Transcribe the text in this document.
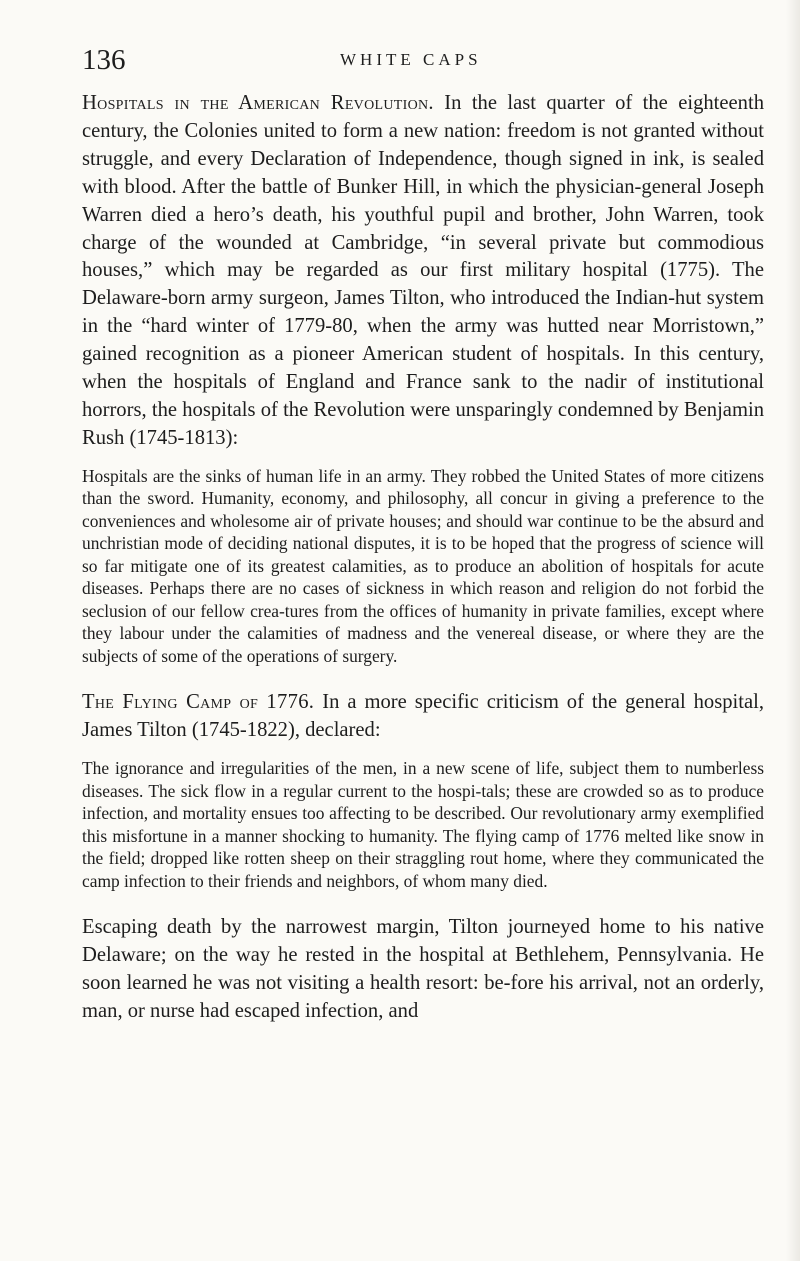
136	WHITE CAPS

Hospitals in the American Revolution. In the last quarter of the eighteenth century, the Colonies united to form a new nation: freedom is not granted without struggle, and every Declaration of Independence, though signed in ink, is sealed with blood. After the battle of Bunker Hill, in which the physician-general Joseph Warren died a hero’s death, his youthful pupil and brother, John Warren, took charge of the wounded at Cambridge, “in several private but commodious houses,” which may be regarded as our first military hospital (1775). The Delaware-born army surgeon, James Tilton, who introduced the Indian-hut system in the “hard winter of 1779-80, when the army was hutted near Morristown,” gained recognition as a pioneer American student of hospitals. In this century, when the hospitals of England and France sank to the nadir of institutional horrors, the hospitals of the Revolution were unsparingly condemned by Benjamin Rush (1745-1813):

Hospitals are the sinks of human life in an army. They robbed the United States of more citizens than the sword. Humanity, economy, and philosophy, all concur in giving a preference to the conveniences and wholesome air of private houses; and should war continue to be the absurd and unchristian mode of deciding national disputes, it is to be hoped that the progress of science will so far mitigate one of its greatest calamities, as to produce an abolition of hospitals for acute diseases. Perhaps there are no cases of sickness in which reason and religion do not forbid the seclusion of our fellow crea-tures from the offices of humanity in private families, except where they labour under the calamities of madness and the venereal disease, or where they are the subjects of some of the operations of surgery.

The Flying Camp of 1776. In a more specific criticism of the general hospital, James Tilton (1745-1822), declared:

The ignorance and irregularities of the men, in a new scene of life, subject them to numberless diseases. The sick flow in a regular current to the hospi-tals; these are crowded so as to produce infection, and mortality ensues too affecting to be described. Our revolutionary army exemplified this misfortune in a manner shocking to humanity. The flying camp of 1776 melted like snow in the field; dropped like rotten sheep on their straggling rout home, where they communicated the camp infection to their friends and neighbors, of whom many died.

Escaping death by the narrowest margin, Tilton journeyed home to his native Delaware; on the way he rested in the hospital at Bethlehem, Pennsylvania. He soon learned he was not visiting a health resort: be-fore his arrival, not an orderly, man, or nurse had escaped infection, and
